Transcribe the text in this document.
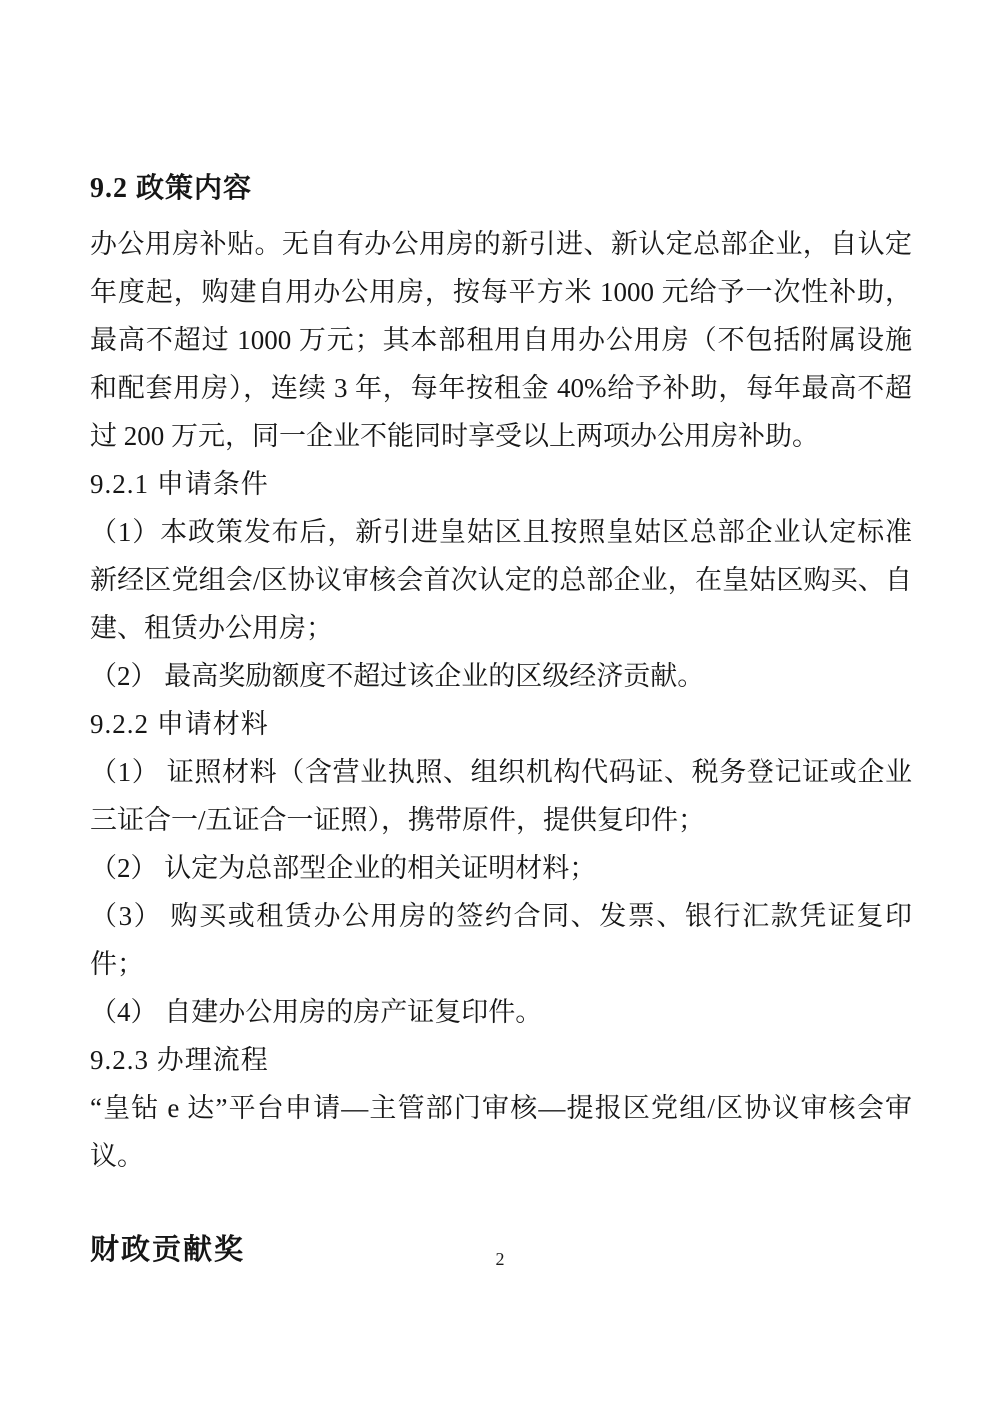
9.2 政策内容

办公用房补贴。无自有办公用房的新引进、新认定总部企业，自认定年度起，购建自用办公用房，按每平方米 1000 元给予一次性补助，最高不超过 1000 万元；其本部租用自用办公用房（不包括附属设施和配套用房），连续 3 年，每年按租金 40%给予补助，每年最高不超过 200 万元，同一企业不能同时享受以上两项办公用房补助。

9.2.1 申请条件

（1）本政策发布后，新引进皇姑区且按照皇姑区总部企业认定标准新经区党组会/区协议审核会首次认定的总部企业，在皇姑区购买、自建、租赁办公用房；

（2） 最高奖励额度不超过该企业的区级经济贡献。

9.2.2 申请材料

（1） 证照材料（含营业执照、组织机构代码证、税务登记证或企业三证合一/五证合一证照），携带原件，提供复印件；

（2） 认定为总部型企业的相关证明材料；

（3） 购买或租赁办公用房的签约合同、发票、银行汇款凭证复印件；

（4） 自建办公用房的房产证复印件。

9.2.3 办理流程

“皇钻 e 达”平台申请—主管部门审核—提报区党组/区协议审核会审议。

财政贡献奖	2
